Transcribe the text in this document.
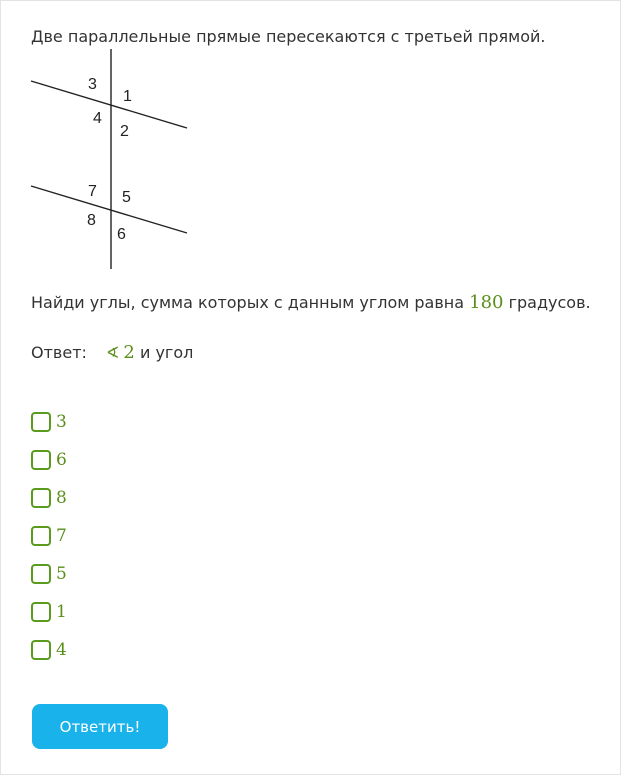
Две параллельные прямые пересекаются с третьей прямой.
3
1
4
2
7 5
8
6
Найди углы, сумма которых с данным углом равна 180 градусов.
Ответ: ∢ 2 и угол
3
6
8
7
5
1
4
Ответить!
